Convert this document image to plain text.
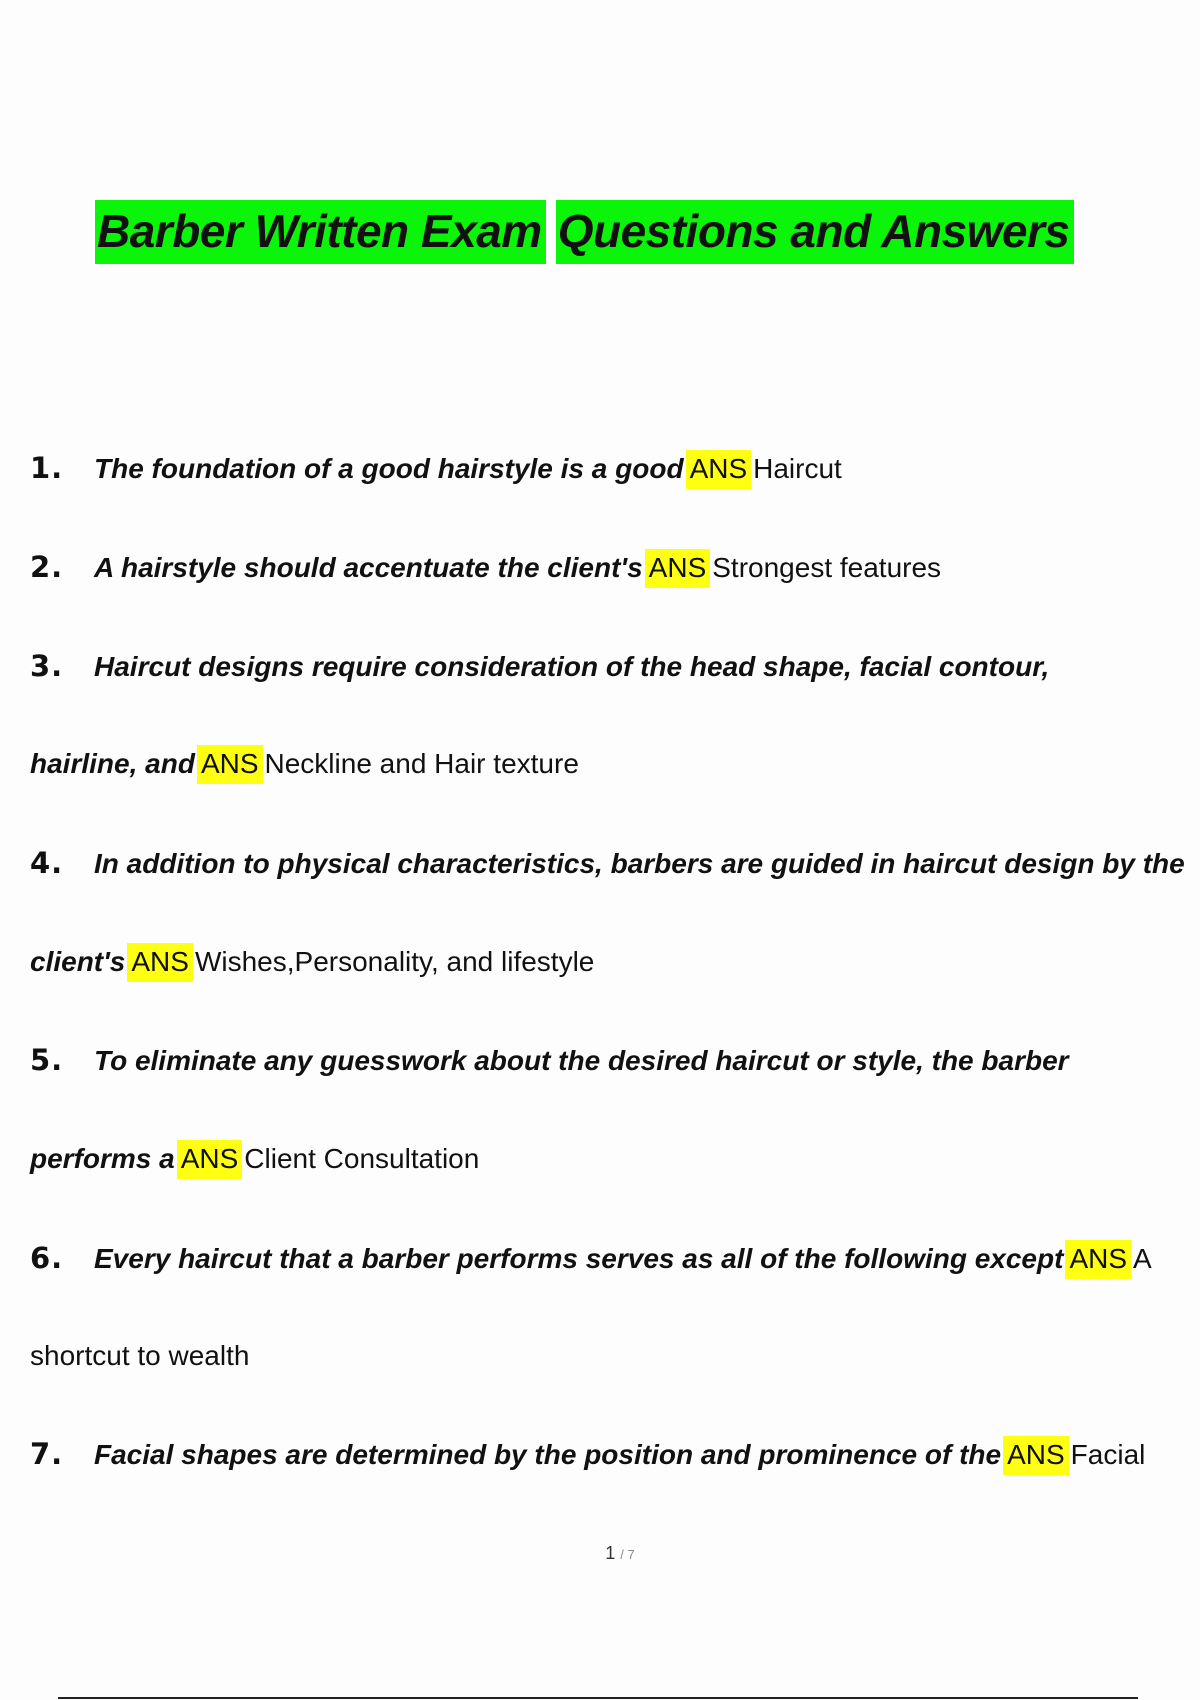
Barber Written Exam Questions and Answers
1. The foundation of a good hairstyle is a good ANS Haircut
2. A hairstyle should accentuate the client's ANS Strongest features
3. Haircut designs require consideration of the head shape, facial contour,
hairline, and ANS Neckline and Hair texture
4. In addition to physical characteristics, barbers are guided in haircut design by the
client's ANS Wishes,Personality, and lifestyle
5. To eliminate any guesswork about the desired haircut or style, the barber
performs a ANS Client Consultation
6. Every haircut that a barber performs serves as all of the following except ANS A
shortcut to wealth
7. Facial shapes are determined by the position and prominence of the ANS Facial
1 / 7
